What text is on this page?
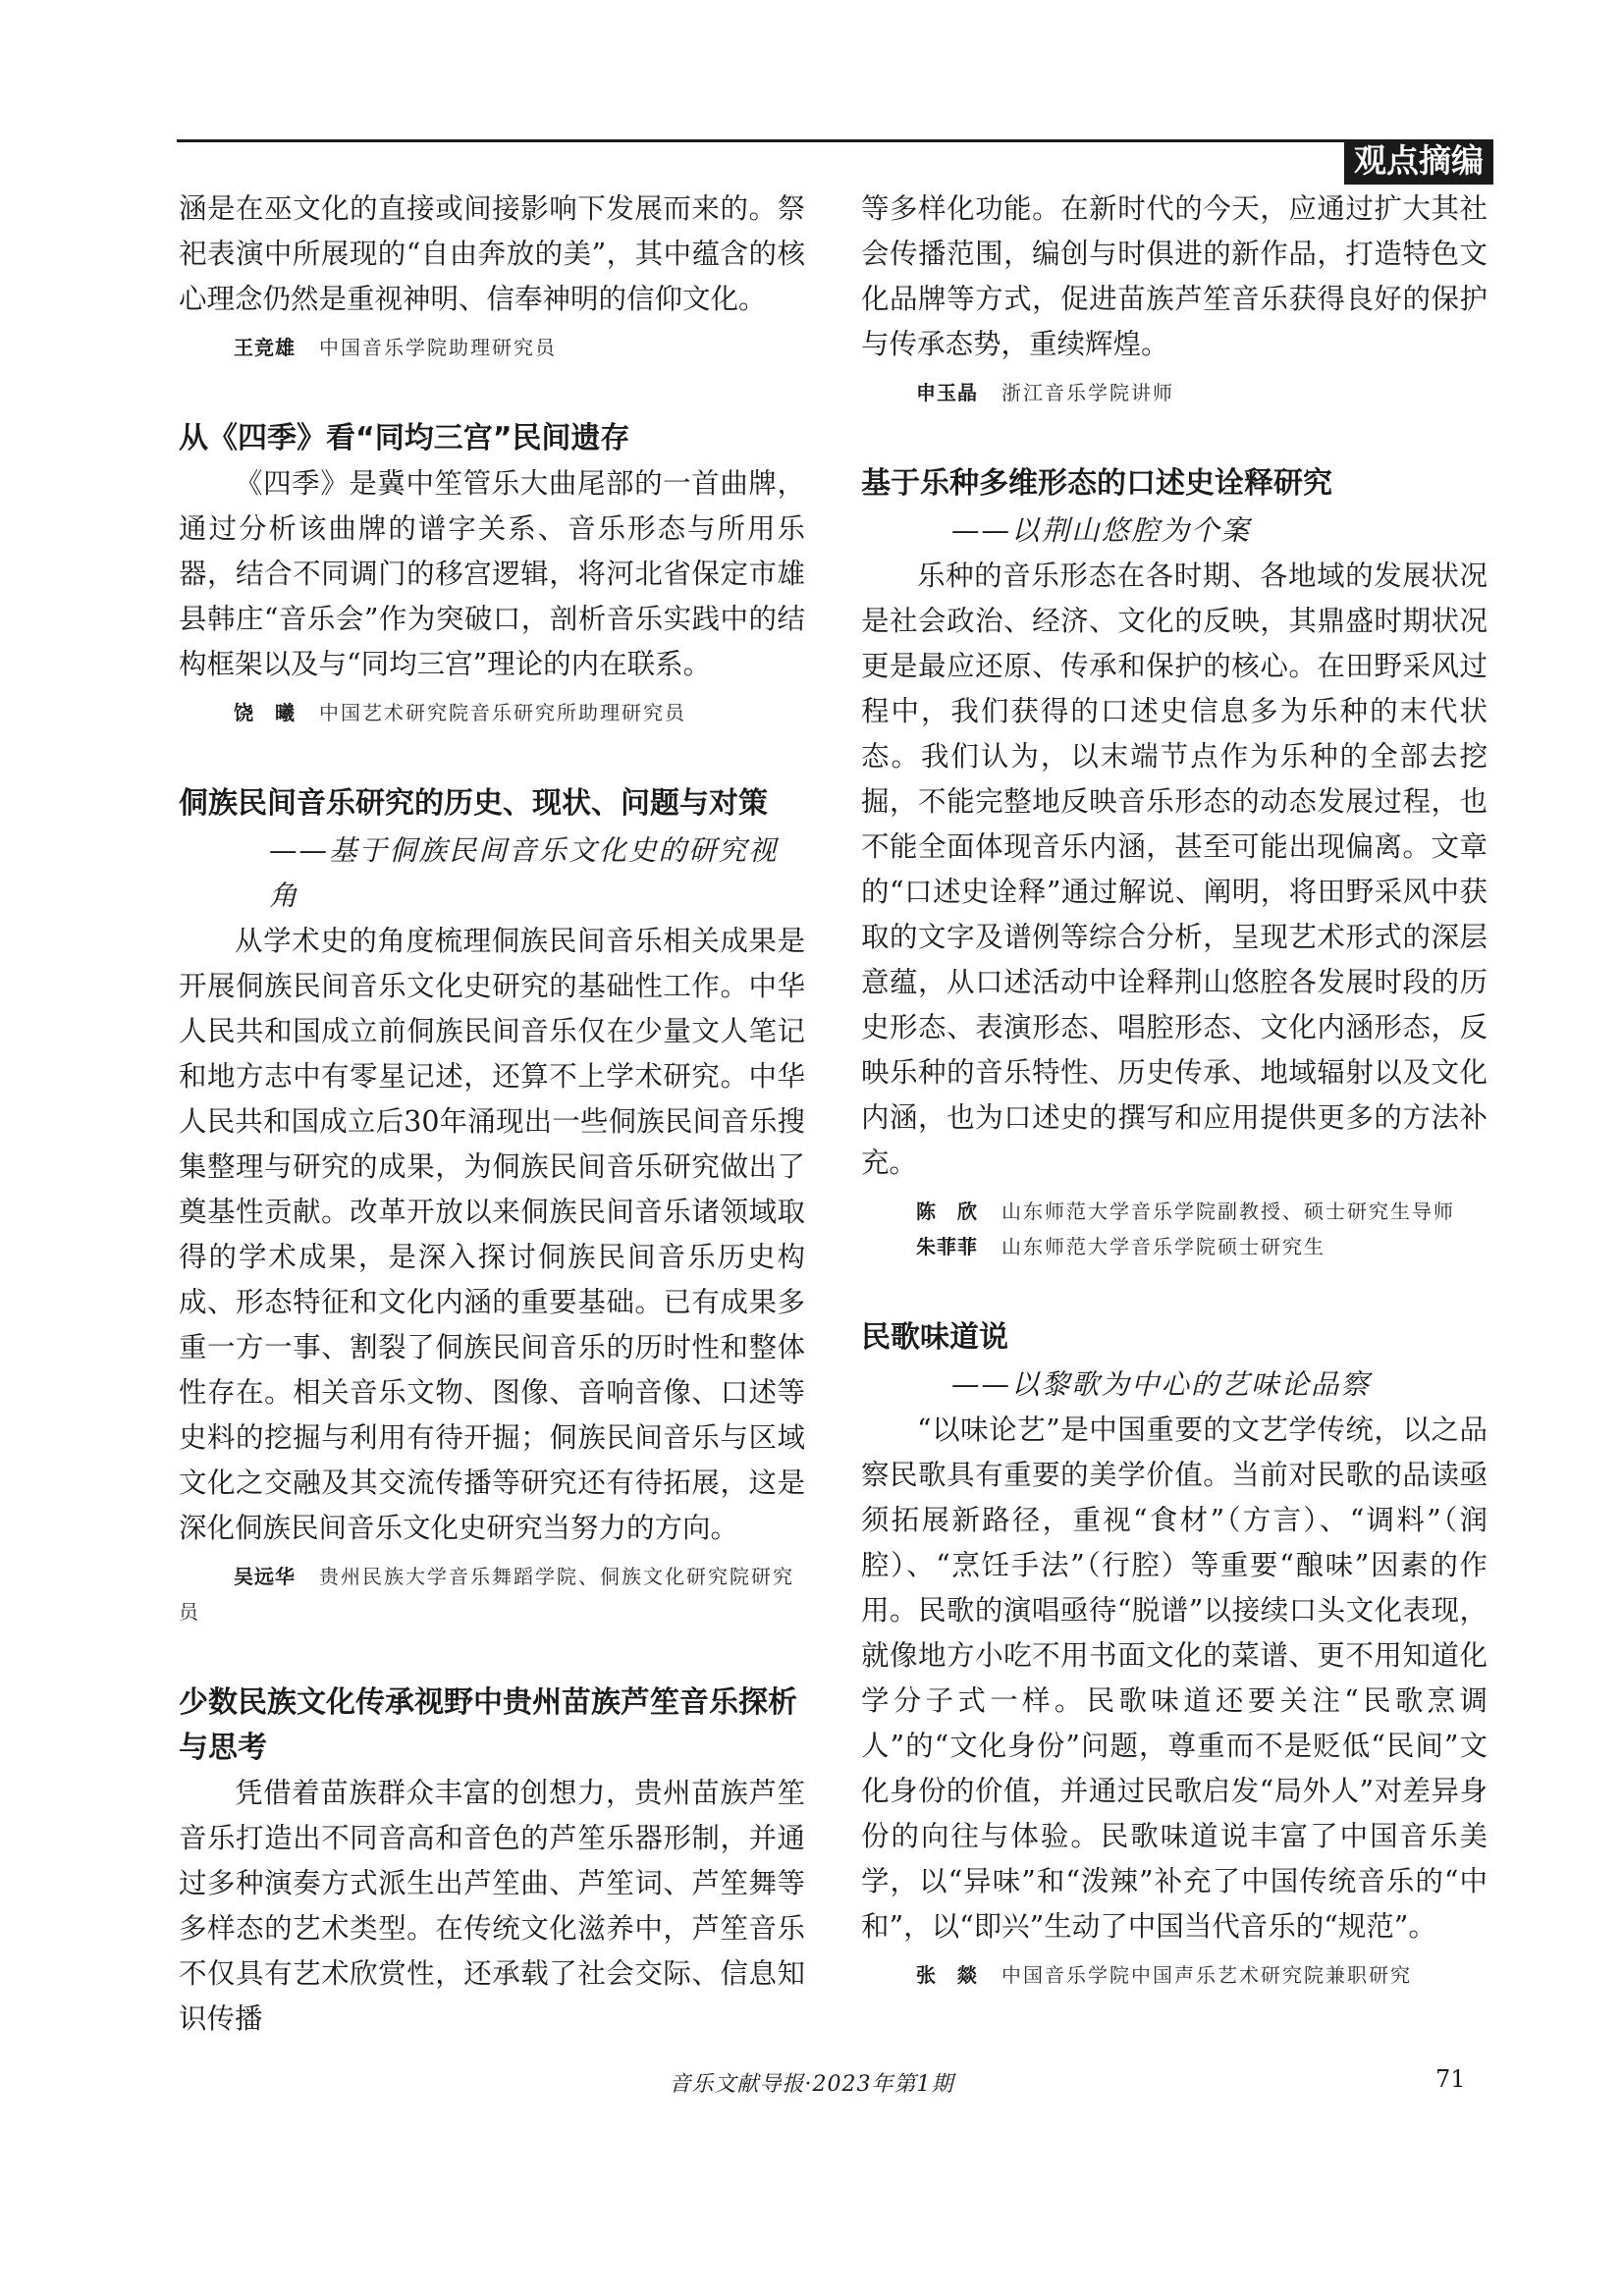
观点摘编

涵是在巫文化的直接或间接影响下发展而来的。祭祀表演中所展现的“自由奔放的美”，其中蕴含的核心理念仍然是重视神明、信奉神明的信仰文化。

王竞雄 中国音乐学院助理研究员

从《四季》看“同均三宫”民间遗存

《四季》是冀中笙管乐大曲尾部的一首曲牌，通过分析该曲牌的谱字关系、音乐形态与所用乐器，结合不同调门的移宫逻辑，将河北省保定市雄县韩庄“音乐会”作为突破口，剖析音乐实践中的结构框架以及与“同均三宫”理论的内在联系。

饶　曦 中国艺术研究院音乐研究所助理研究员

侗族民间音乐研究的历史、现状、问题与对策

——基于侗族民间音乐文化史的研究视角

从学术史的角度梳理侗族民间音乐相关成果是开展侗族民间音乐文化史研究的基础性工作。中华人民共和国成立前侗族民间音乐仅在少量文人笔记和地方志中有零星记述，还算不上学术研究。中华人民共和国成立后30年涌现出一些侗族民间音乐搜集整理与研究的成果，为侗族民间音乐研究做出了奠基性贡献。改革开放以来侗族民间音乐诸领域取得的学术成果，是深入探讨侗族民间音乐历史构成、形态特征和文化内涵的重要基础。已有成果多重一方一事、割裂了侗族民间音乐的历时性和整体性存在。相关音乐文物、图像、音响音像、口述等史料的挖掘与利用有待开掘；侗族民间音乐与区域文化之交融及其交流传播等研究还有待拓展，这是深化侗族民间音乐文化史研究当努力的方向。

吴远华 贵州民族大学音乐舞蹈学院、侗族文化研究院研究员

少数民族文化传承视野中贵州苗族芦笙音乐探析与思考

凭借着苗族群众丰富的创想力，贵州苗族芦笙音乐打造出不同音高和音色的芦笙乐器形制，并通过多种演奏方式派生出芦笙曲、芦笙词、芦笙舞等多样态的艺术类型。在传统文化滋养中，芦笙音乐不仅具有艺术欣赏性，还承载了社会交际、信息知识传播

等多样化功能。在新时代的今天，应通过扩大其社会传播范围，编创与时俱进的新作品，打造特色文化品牌等方式，促进苗族芦笙音乐获得良好的保护与传承态势，重续辉煌。

申玉晶 浙江音乐学院讲师

基于乐种多维形态的口述史诠释研究

——以荆山悠腔为个案

乐种的音乐形态在各时期、各地域的发展状况是社会政治、经济、文化的反映，其鼎盛时期状况更是最应还原、传承和保护的核心。在田野采风过程中，我们获得的口述史信息多为乐种的末代状态。我们认为，以末端节点作为乐种的全部去挖掘，不能完整地反映音乐形态的动态发展过程，也不能全面体现音乐内涵，甚至可能出现偏离。文章的“口述史诠释”通过解说、阐明，将田野采风中获取的文字及谱例等综合分析，呈现艺术形式的深层意蕴，从口述活动中诠释荆山悠腔各发展时段的历史形态、表演形态、唱腔形态、文化内涵形态，反映乐种的音乐特性、历史传承、地域辐射以及文化内涵，也为口述史的撰写和应用提供更多的方法补充。

陈　欣 山东师范大学音乐学院副教授、硕士研究生导师

朱菲菲 山东师范大学音乐学院硕士研究生

民歌味道说

——以黎歌为中心的艺味论品察

“以味论艺”是中国重要的文艺学传统，以之品察民歌具有重要的美学价值。当前对民歌的品读亟须拓展新路径，重视“食材”（方言）、“调料”（润腔）、“烹饪手法”（行腔）等重要“酿味”因素的作用。民歌的演唱亟待“脱谱”以接续口头文化表现，就像地方小吃不用书面文化的菜谱、更不用知道化学分子式一样。民歌味道还要关注“民歌烹调人”的“文化身份”问题，尊重而不是贬低“民间”文化身份的价值，并通过民歌启发“局外人”对差异身份的向往与体验。民歌味道说丰富了中国音乐美学，以“异味”和“泼辣”补充了中国传统音乐的“中和”，以“即兴”生动了中国当代音乐的“规范”。

张　燚 中国音乐学院中国声乐艺术研究院兼职研究

音乐文献导报·2023年第1期	71
